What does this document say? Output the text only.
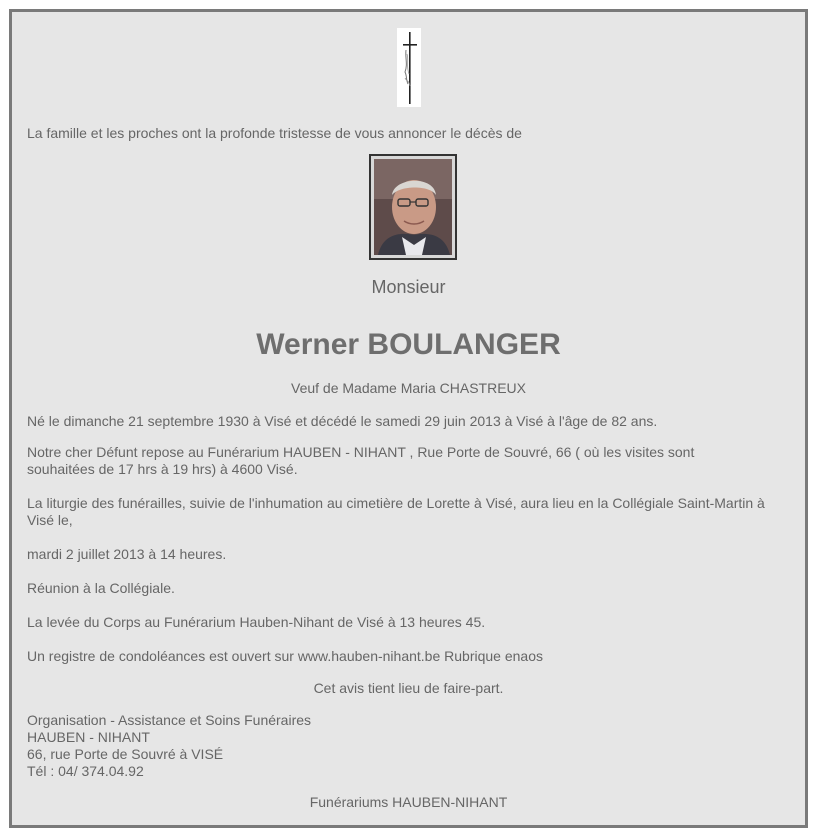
La famille et les proches ont la profonde tristesse de vous annoncer le décès de
Monsieur
Werner BOULANGER
Veuf de Madame Maria CHASTREUX
Né le dimanche 21 septembre 1930 à Visé et décédé le samedi 29 juin 2013 à Visé à l'âge de 82 ans.
Notre cher Défunt repose au Funérarium HAUBEN - NIHANT , Rue Porte de Souvré, 66 ( où les visites sont
souhaitées de 17 hrs à 19 hrs) à 4600 Visé.
La liturgie des funérailles, suivie de l'inhumation au cimetière de Lorette à Visé, aura lieu en la Collégiale Saint-Martin à
Visé le,
mardi 2 juillet 2013 à 14 heures.
Réunion à la Collégiale.
La levée du Corps au Funérarium Hauben-Nihant de Visé à 13 heures 45.
Un registre de condoléances est ouvert sur www.hauben-nihant.be Rubrique enaos
Cet avis tient lieu de faire-part.
Organisation - Assistance et Soins Funéraires
HAUBEN - NIHANT
66, rue Porte de Souvré à VISÉ
Tél : 04/ 374.04.92
Funérariums HAUBEN-NIHANT
